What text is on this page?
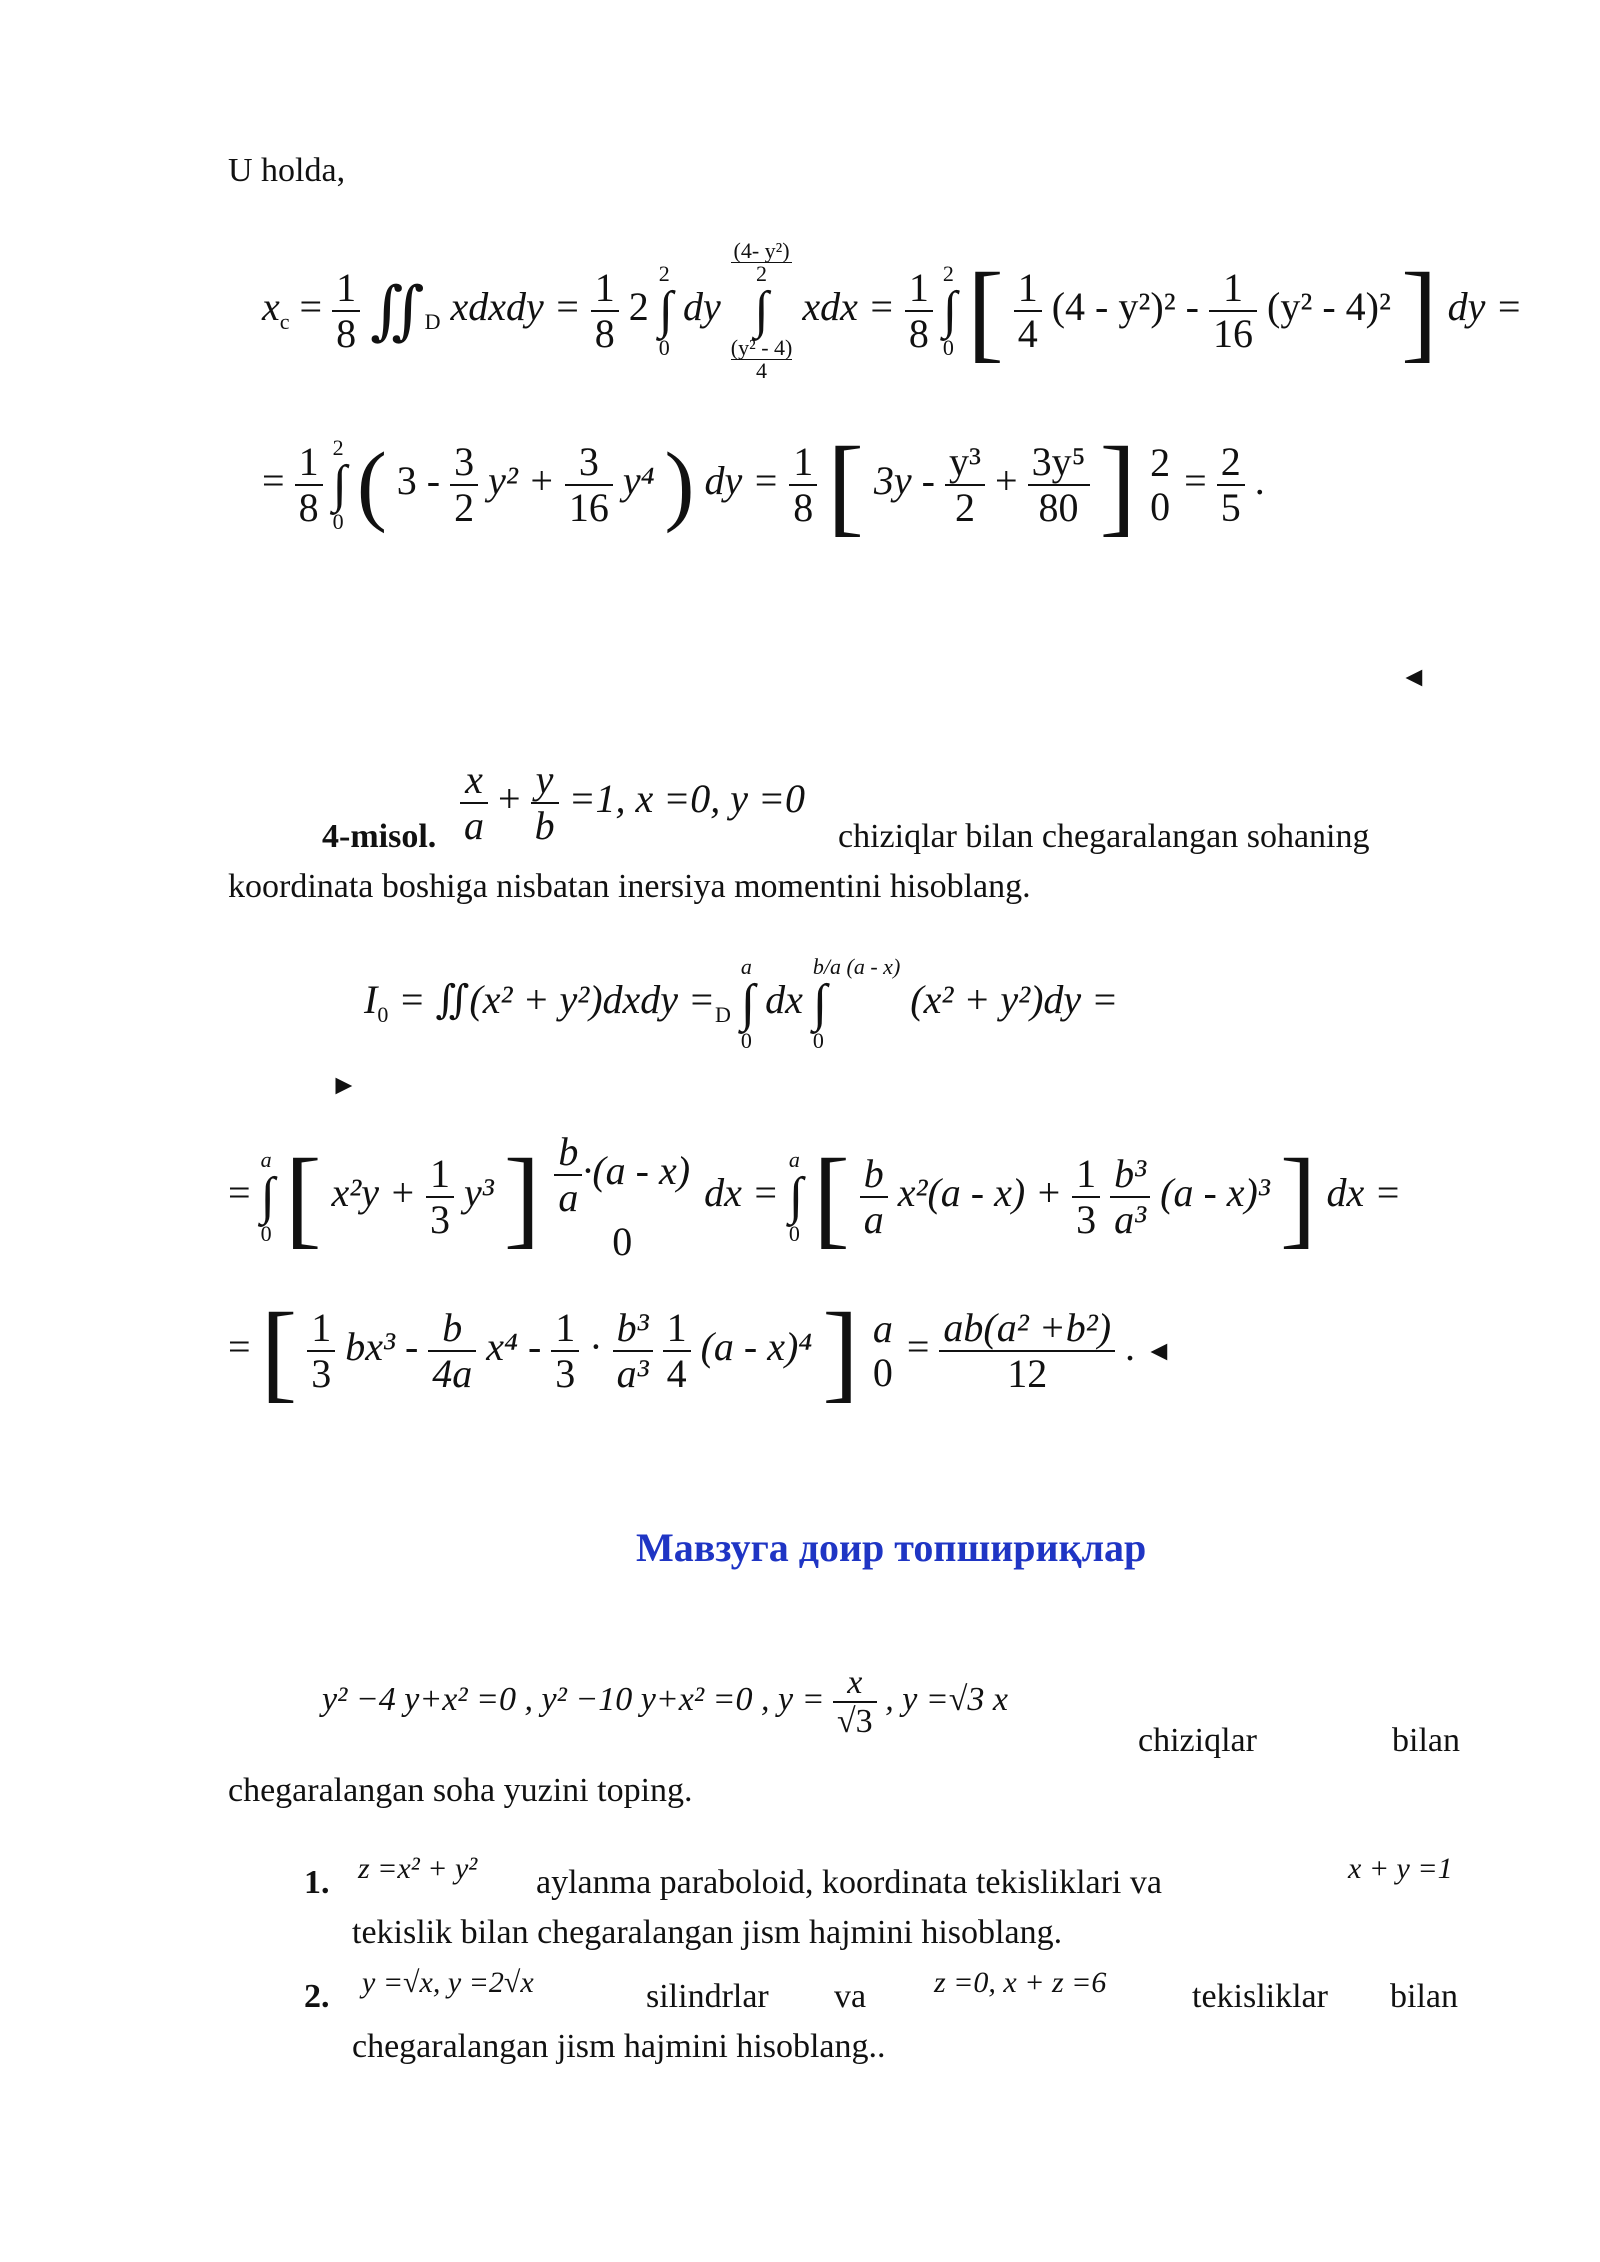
U holda,
$x_c = \frac{1}{8}$ $∬_D$ xdxdy = $\frac{1}{8} 2$
2
∫
0
dy
(4- y²)
2
∫
(y² - 4)
4
xdx = $\frac{1}{8}$
2
∫
0 [ $\frac{1}{4} (4 - y^2)^2 - \frac{1}{16} (y^2 - 4)^2$ ] dy =
= $\frac{1}{8}$
2
∫
0 ( $3 - \frac{3}{2} y^2 + \frac{3}{16} y^4$ ) dy = $\frac{1}{8}$ [ $3y - \frac{\text{y³}}{2} + \frac{\text{3y⁵}}{80}$ ] 2
0
= $\frac{2}{5}$ .
◄
$\frac{x}{a} + \frac{y}{b} =1$, x =0, y =0
4-misol.	chiziqlar bilan chegaralangan sohaning
koordinata boshiga nisbatan inersiya momentini hisoblang.
►
$I_0$ = ∬(x² + y²)dxdy $=_D$ a
∫
0
dx b/a (a - x)
∫
0
(x² + y²)dy =
= a
∫
0 [ $x^2y + \frac{1}{3} y^3$ ] $\frac{b}{a} \cdot(a - x)$
0
dx = a
∫
0 [ $\frac{b}{a} x^2(a - x) + \frac{1}{3}$
$\frac{\text{b³}}{\text{a³}} (a - x)^3$ ] dx =
= [ $\frac{1}{3} bx^3 - \frac{b}{4a} x^4 - \frac{1}{3} \cdot \frac{\text{b³}}{\text{a³}}$
$\frac{1}{4} (a - x)^4$ ] a
0
= $\frac{\text{ab(a² +b²)}}{12}$ . ◄
Мавзуга доир топшириқлар
y² −4 y+x² =0 , y² −10 y+x² =0 , $y = \frac{x}{√3}$ , y =√3 x
chiziqlar	bilan
chegaralangan soha yuzini toping.
1. z =x² + y² aylanma paraboloid, koordinata tekisliklari va	x + y =1
tekislik bilan chegaralangan jism hajmini hisoblang.
2. y =√x, y =2√x	silindrlar va z =0, x + z =6	tekisliklar bilan
chegaralangan jism hajmini hisoblang..
